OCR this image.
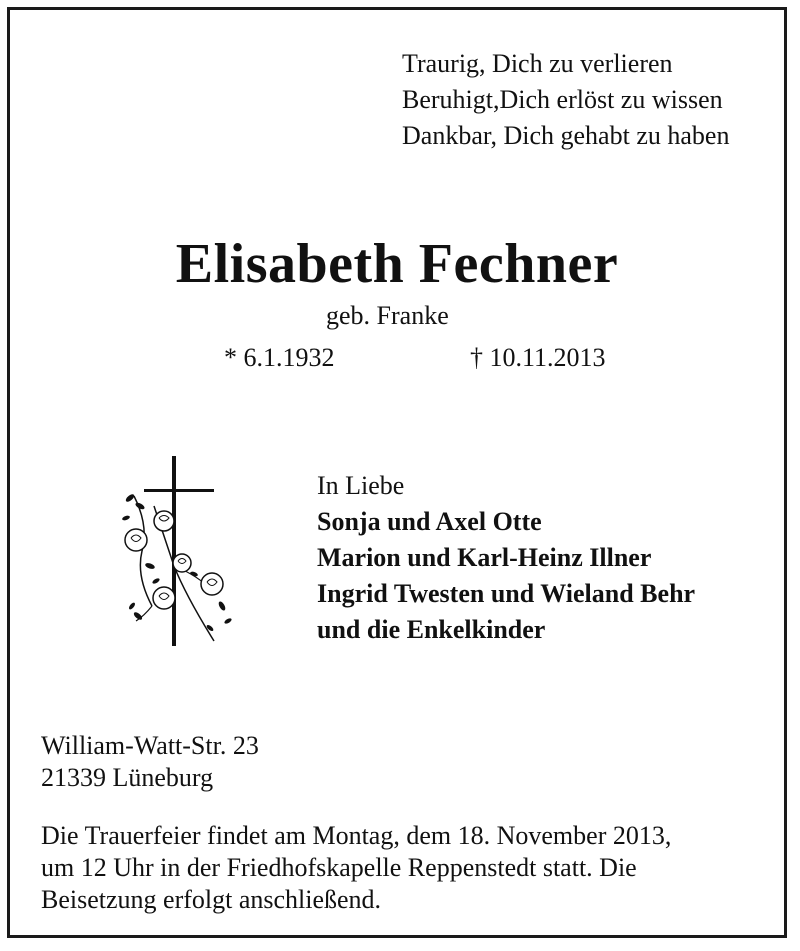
Traurig, Dich zu verlieren
Beruhigt,Dich erlöst zu wissen
Dankbar, Dich gehabt zu haben
Elisabeth Fechner
geb. Franke
* 6.1.1932	† 10.11.2013
In Liebe
Sonja und Axel Otte
Marion und Karl-Heinz Illner
Ingrid Twesten und Wieland Behr
und die Enkelkinder
William-Watt-Str. 23
21339 Lüneburg
Die Trauerfeier findet am Montag, dem 18. November 2013,
um 12 Uhr in der Friedhofskapelle Reppenstedt statt. Die
Beisetzung erfolgt anschließend.
